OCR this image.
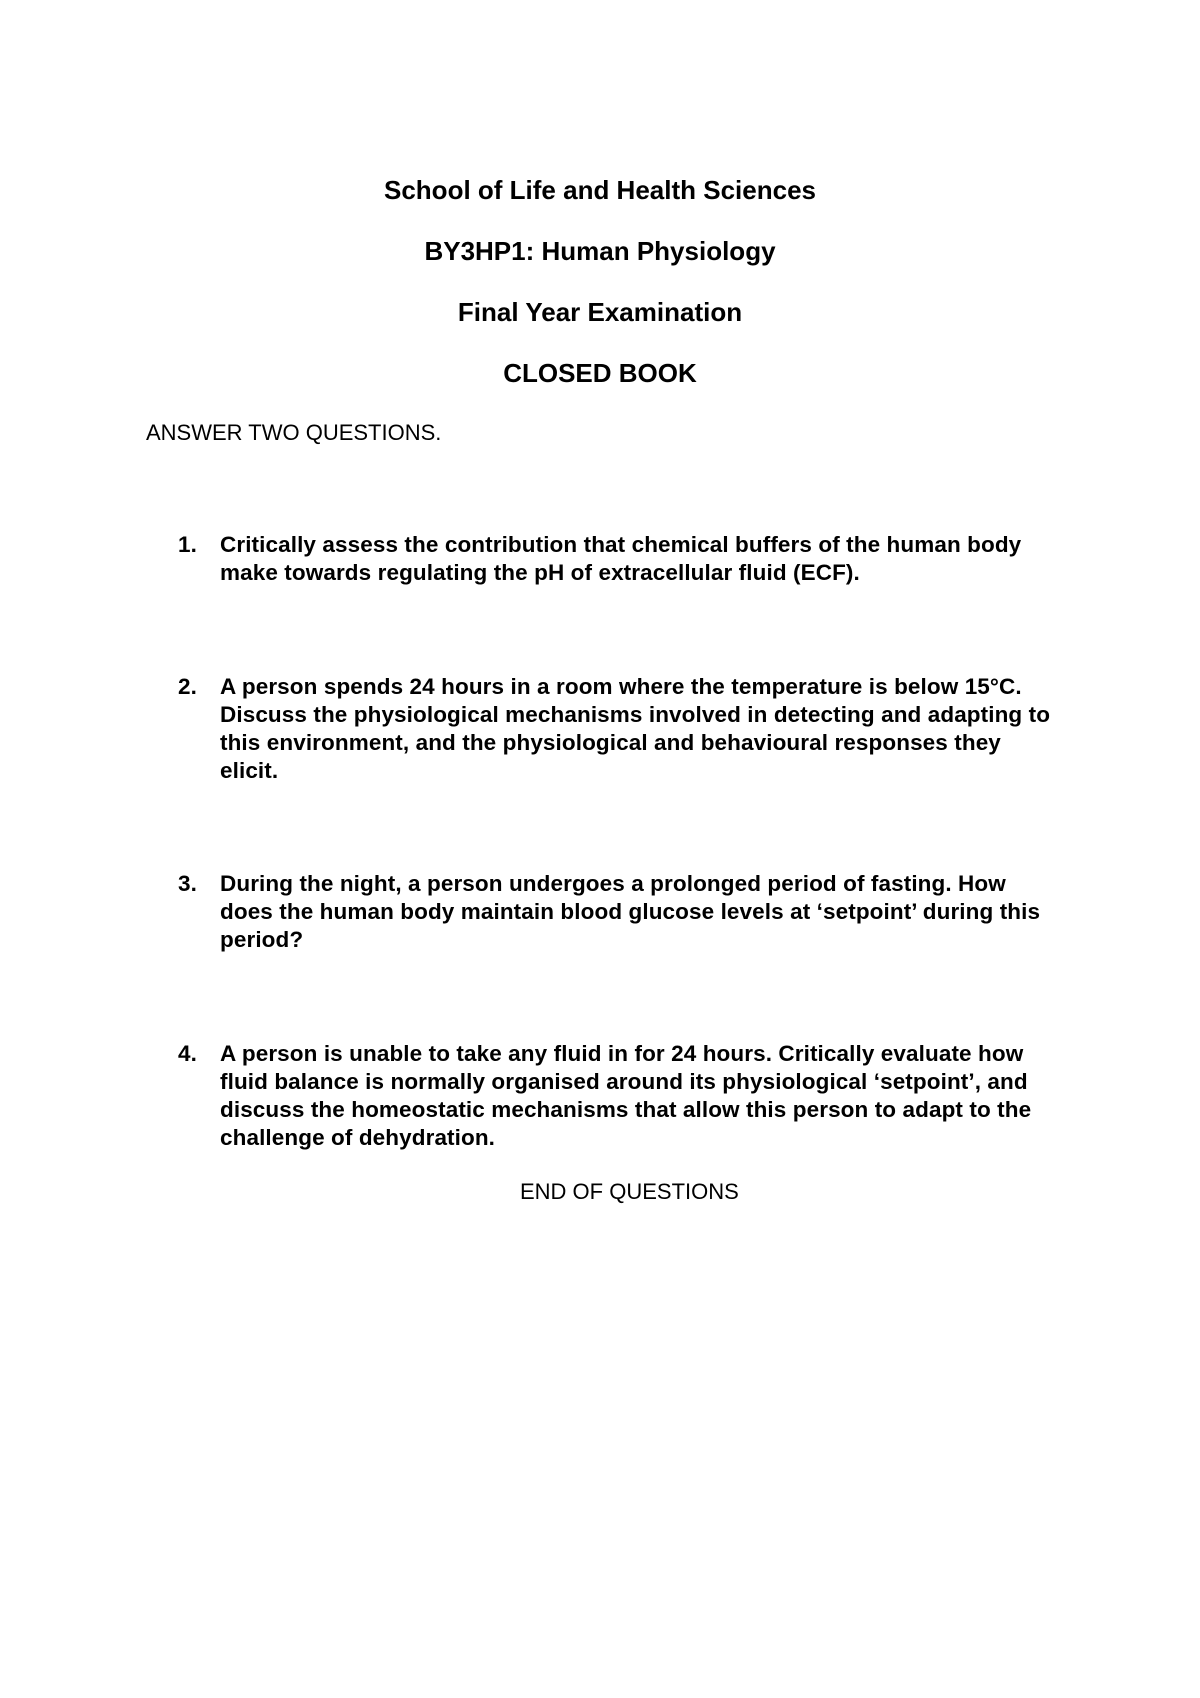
School of Life and Health Sciences
BY3HP1: Human Physiology
Final Year Examination
CLOSED BOOK

ANSWER TWO QUESTIONS.

1.	Critically assess the contribution that chemical buffers of the human body make towards regulating the pH of extracellular fluid (ECF).
2.	A person spends 24 hours in a room where the temperature is below 15°C. Discuss the physiological mechanisms involved in detecting and adapting to this environment, and the physiological and behavioural responses they elicit.
3.	During the night, a person undergoes a prolonged period of fasting. How does the human body maintain blood glucose levels at ‘setpoint’ during this period?
4.	A person is unable to take any fluid in for 24 hours. Critically evaluate how fluid balance is normally organised around its physiological ‘setpoint’, and discuss the homeostatic mechanisms that allow this person to adapt to the challenge of dehydration.

END OF QUESTIONS
